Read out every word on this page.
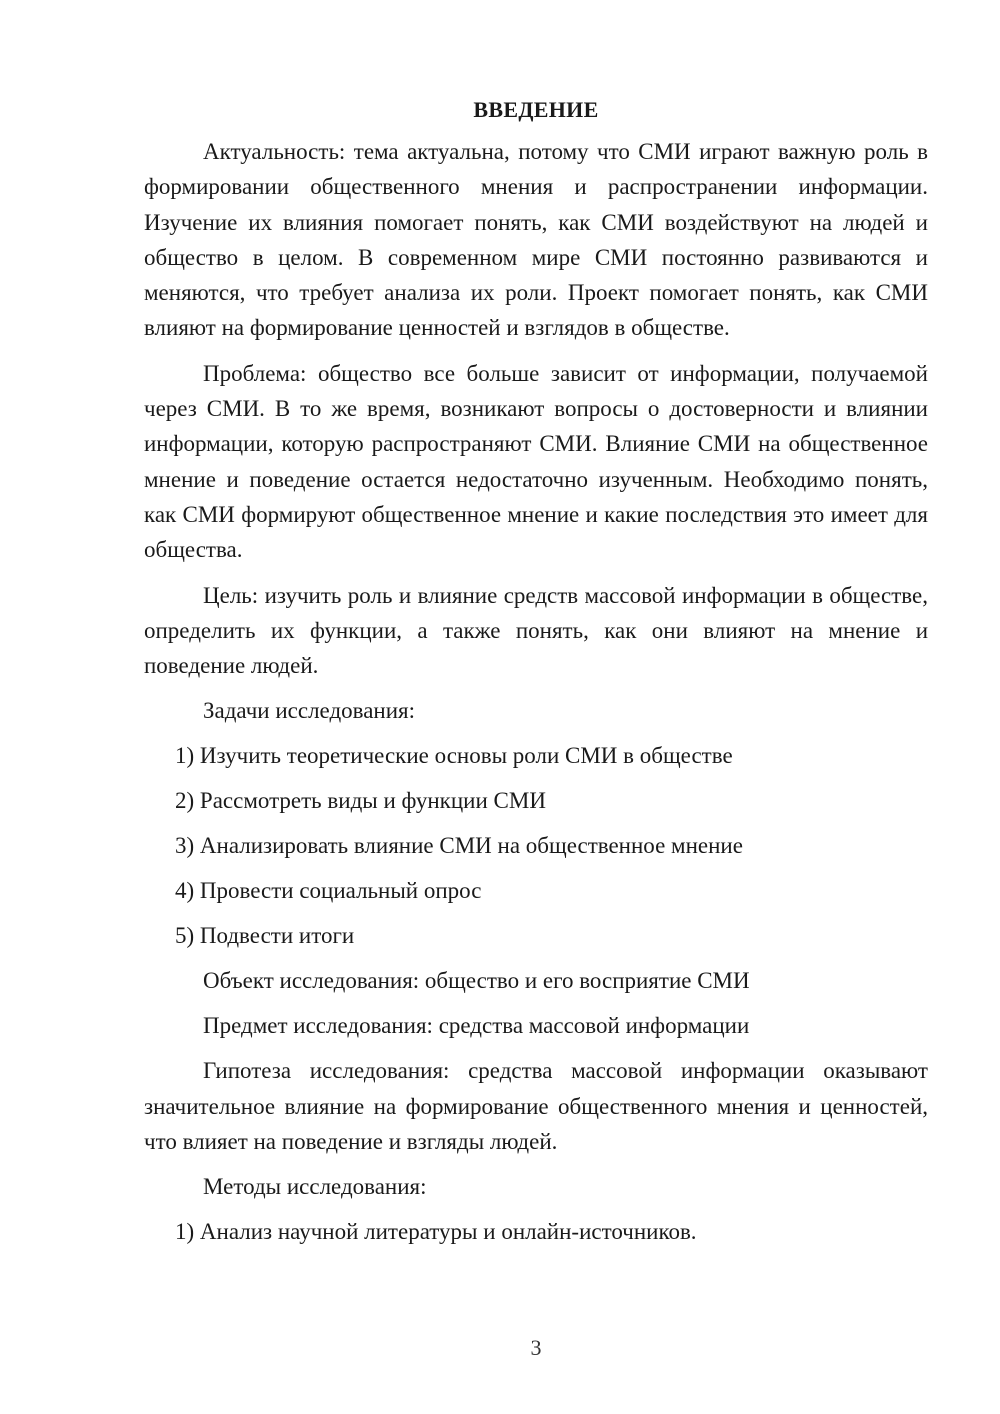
ВВЕДЕНИЕ

Актуальность: тема актуальна, потому что СМИ играют важную роль в формировании общественного мнения и распространении информации. Изучение их влияния помогает понять, как СМИ воздействуют на людей и общество в целом. В современном мире СМИ постоянно развиваются и меняются, что требует анализа их роли. Проект помогает понять, как СМИ влияют на формирование ценностей и взглядов в обществе.

Проблема: общество все больше зависит от информации, получаемой через СМИ. В то же время, возникают вопросы о достоверности и влиянии информации, которую распространяют СМИ. Влияние СМИ на общественное мнение и поведение остается недостаточно изученным. Необходимо понять, как СМИ формируют общественное мнение и какие последствия это имеет для общества.

Цель: изучить роль и влияние средств массовой информации в обществе, определить их функции, а также понять, как они влияют на мнение и поведение людей.

Задачи исследования:
1) Изучить теоретические основы роли СМИ в обществе
2) Рассмотреть виды и функции СМИ
3) Анализировать влияние СМИ на общественное мнение
4) Провести социальный опрос
5) Подвести итоги
Объект исследования: общество и его восприятие СМИ
Предмет исследования: средства массовой информации

Гипотеза исследования: средства массовой информации оказывают значительное влияние на формирование общественного мнения и ценностей, что влияет на поведение и взгляды людей.

Методы исследования:
1) Анализ научной литературы и онлайн-источников.
3
